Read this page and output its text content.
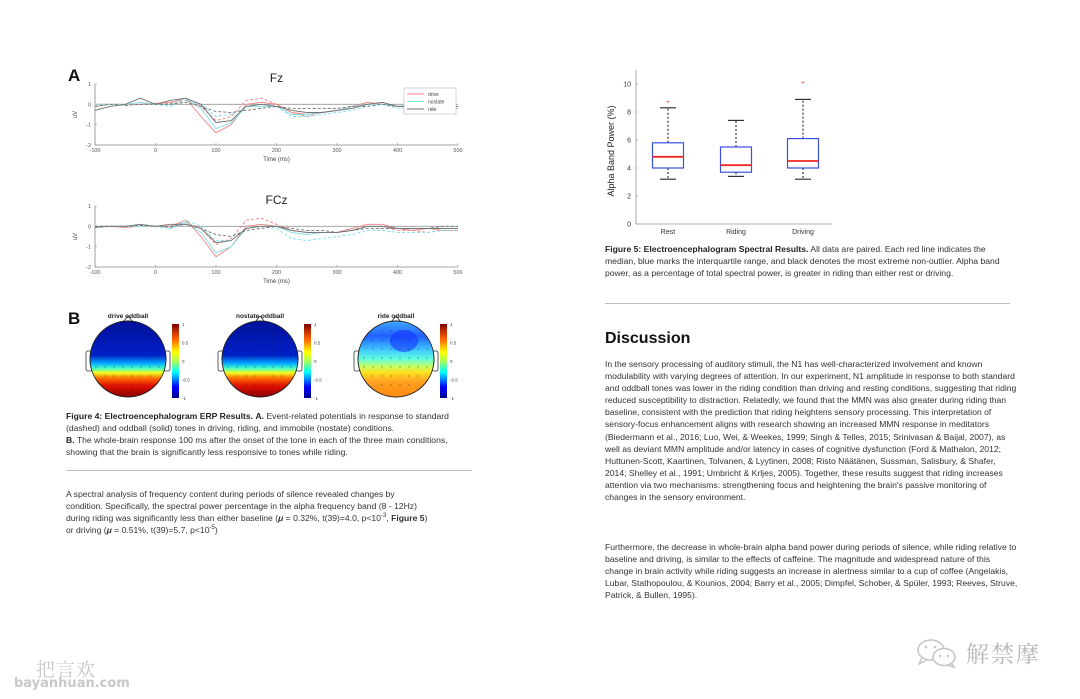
A	Fz
-100	0	100	200	300	400	500
1
0
-1
-2
Time (ms)
uV
drive
nostate
ride
FCz
-100	0	100	200	300	400	500
1
0
-1
-2
Time (ms)
uV
B	drive oddball
1
0.5
0
-0.5
-1
nostate oddball
1
0.5
0
-0.5
-1
ride oddball
1
0.5
0
-0.5
-1
Figure 4: Electroencephalogram ERP Results. A. Event-related potentials in response to standard (dashed) and oddball (solid) tones in driving, riding, and immobile (nostate) conditions.
B. The whole-brain response 100 ms after the onset of the tone in each of the three main conditions, showing that the brain is significantly less responsive to tones while riding.
A spectral analysis of frequency content during periods of silence revealed changes by
condition. Specifically, the spectral power percentage in the alpha frequency band (8 - 12Hz)
during riding was significantly less than either baseline (μ = 0.32%, t(39)=4.0, $p<10^{-3}$, Figure 5)
or driving (μ = 0.51%, t(39)=5.7, $p<10^{-5}$)
0
2
4
6
8
10
Alpha Band Power (%)
+
Rest	Riding
+
Driving
Figure 5: Electroencephalogram Spectral Results. All data are paired. Each red line indicates the median, blue marks the interquartile range, and black denotes the most extreme non-outlier. Alpha band power, as a percentage of total spectral power, is greater in riding than either rest or driving.
Discussion
In the sensory processing of auditory stimuli, the N1 has well-characterized involvement and known modulability with varying degrees of attention. In our experiment, N1 amplitude in response to both standard and oddball tones was lower in the riding condition than driving and resting conditions, suggesting that riding reduced susceptibility to distraction. Relatedly, we found that the MMN was also greater during riding than baseline, consistent with the prediction that riding heightens sensory processing. This interpretation of sensory-focus enhancement aligns with research showing an increased MMN response in meditators (Biedermann et al., 2016; Luo, Wei, & Weekes, 1999; Singh & Telles, 2015; Srinivasan & Baijal, 2007), as well as deviant MMN amplitude and/or latency in cases of cognitive dysfunction (Ford & Mathalon, 2012; Huttunen-Scott, Kaartinen, Tolvanen, & Lyytinen, 2008; Risto Näätänen, Sussman, Salisbury, & Shafer, 2014; Shelley et al., 1991; Umbricht & Krljes, 2005). Together, these results suggest that riding increases attention via two mechanisms: strengthening focus and heightening the brain's passive monitoring of changes in the sensory environment.
Furthermore, the decrease in whole-brain alpha band power during periods of silence, while riding relative to baseline and driving, is similar to the effects of caffeine. The magnitude and widespread nature of this change in brain activity while riding suggests an increase in alertness similar to a cup of coffee (Angelakis, Lubar, Stathopoulou, & Kounios, 2004; Barry et al., 2005; Dimpfel, Schober, & Spüler, 1993; Reeves, Struve, Patrick, & Bullen, 1995).
把言欢
bayanhuan.com
解禁摩
